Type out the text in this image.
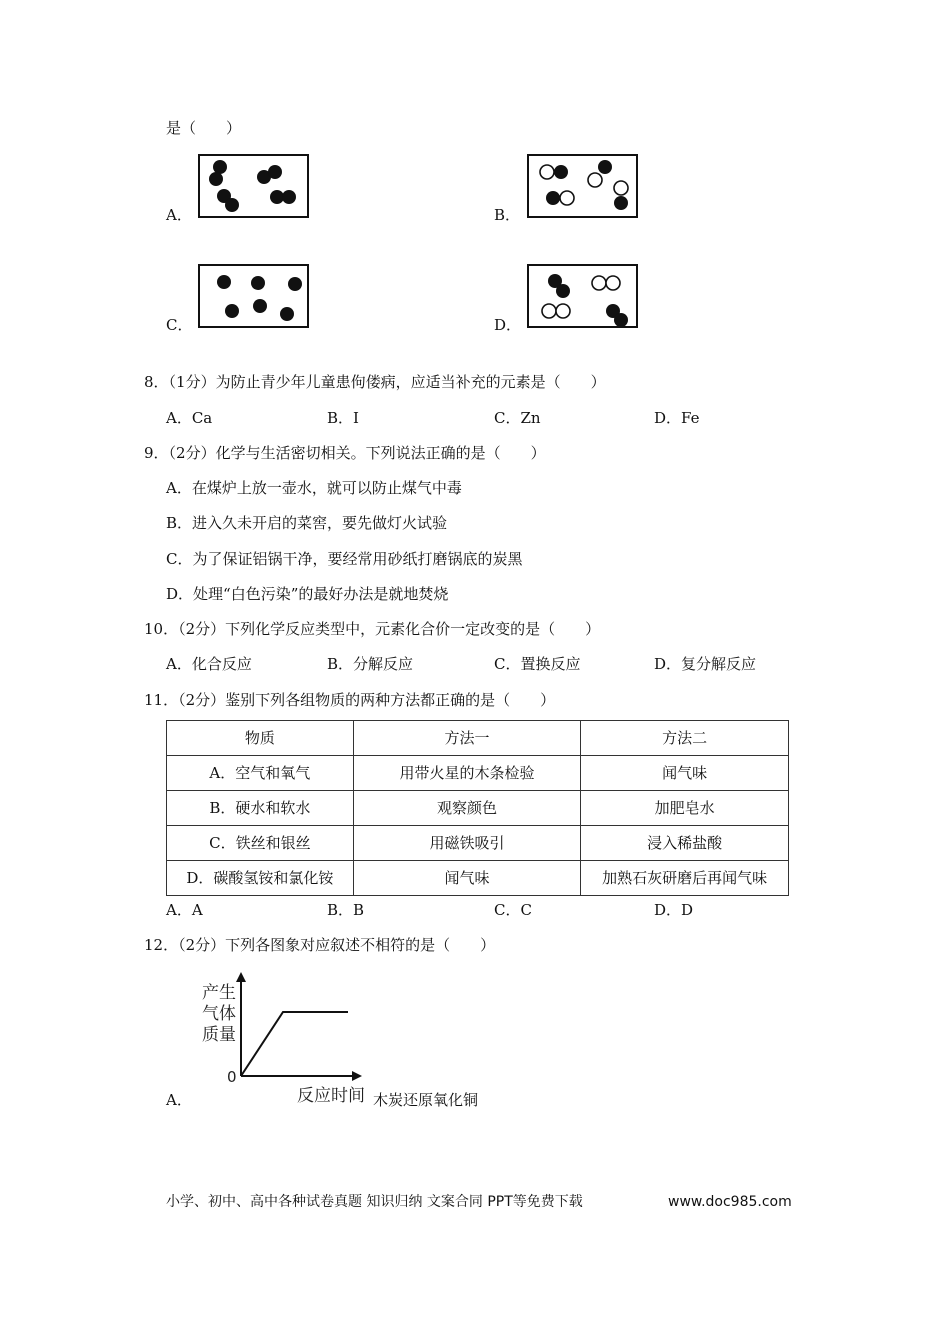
是（　　）
A．	B．
C．	D．
8．（1分）为防止青少年儿童患佝偻病，应适当补充的元素是（　　）
A．Ca	B．I	C．Zn	D．Fe
9．（2分）化学与生活密切相关。下列说法正确的是（　　）
A．在煤炉上放一壶水，就可以防止煤气中毒
B．进入久未开启的菜窖，要先做灯火试验
C．为了保证铝锅干净，要经常用砂纸打磨锅底的炭黑
D．处理“白色污染”的最好办法是就地焚烧
10．（2分）下列化学反应类型中，元素化合价一定改变的是（　　）
A．化合反应	B．分解反应	C．置换反应	D．复分解反应
11．（2分）鉴别下列各组物质的两种方法都正确的是（　　）
物质	方法一	方法二
A．空气和氧气	用带火星的木条检验	闻气味
B．硬水和软水	观察颜色	加肥皂水
C．铁丝和银丝	用磁铁吸引	浸入稀盐酸
D．碳酸氢铵和氯化铵	闻气味	加熟石灰研磨后再闻气味
A．A	B．B	C．C	D．D
12．（2分）下列各图象对应叙述不相符的是（　　）
A．
产生
气体
质量
0
反应时间 木炭还原氧化铜
小学、初中、高中各种试卷真题 知识归纳 文案合同 PPT等免费下载	www.doc985.com
